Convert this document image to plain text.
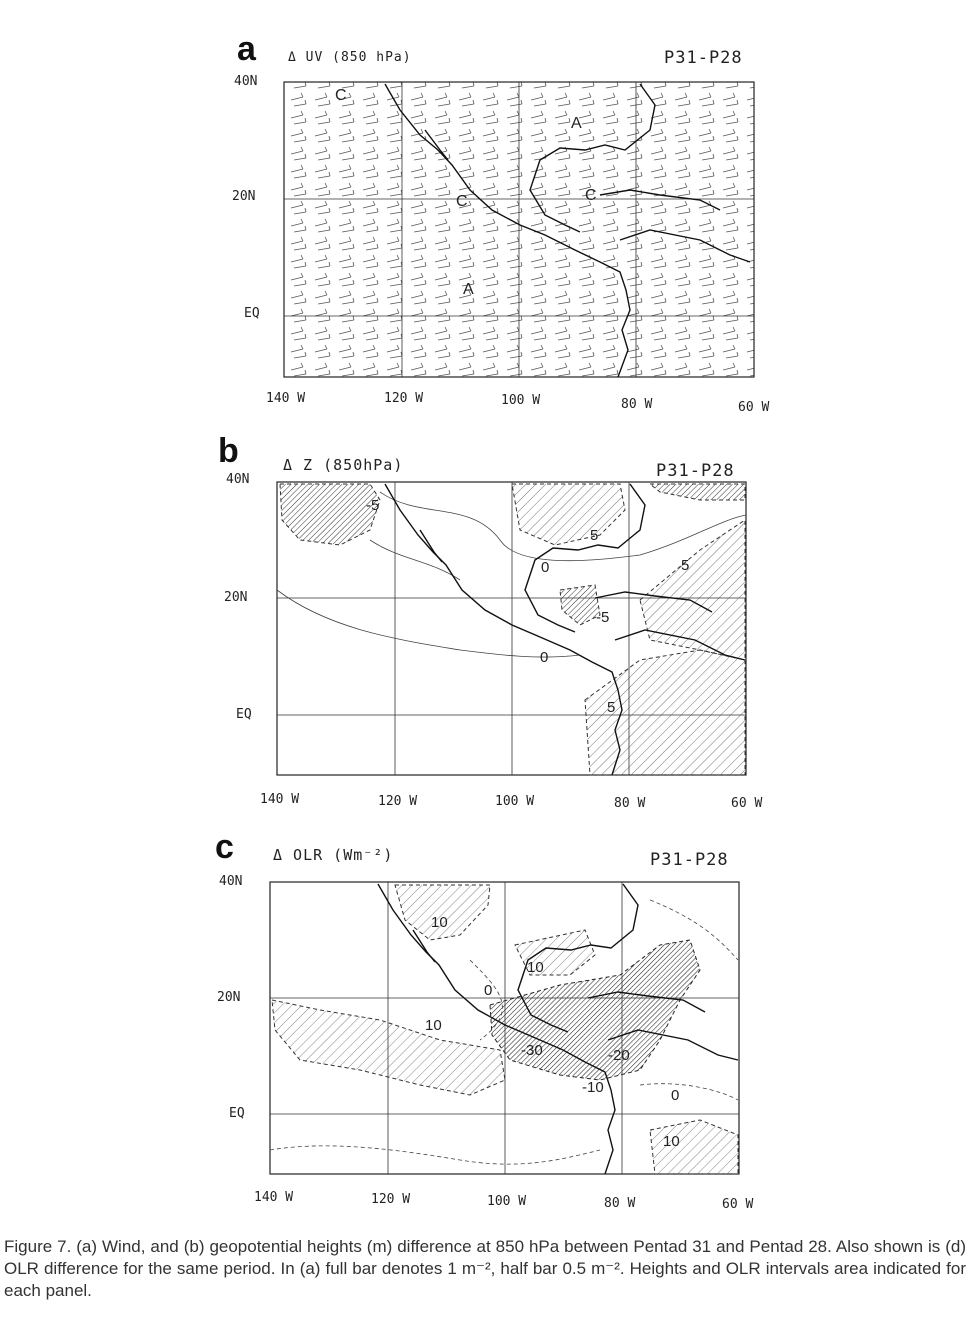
a Δ UV (850 hPa)	P31-P28
40N
20N
EQ
140 W	120 W	100 W	80 W	60 W
C
A
C	C
A
b	Δ Z (850hPa)	P31-P28
40N
20N
EQ
140 W	120 W	100 W	80 W	60 W
-5
5
0	5
-5
0
5
c	Δ OLR (Wm⁻²)	P31-P28
40N
20N
EQ
140 W	120 W	100 W	80 W	60 W
10
10
0
10
-30	-20
-10	0
10

Figure 7. (a) Wind, and (b) geopotential heights (m) difference at 850 hPa between Pentad 31 and Pentad 28. Also shown is (d) OLR difference for the same period. In (a) full bar denotes 1 m⁻², half bar 0.5 m⁻². Heights and OLR intervals area indicated for each panel.
